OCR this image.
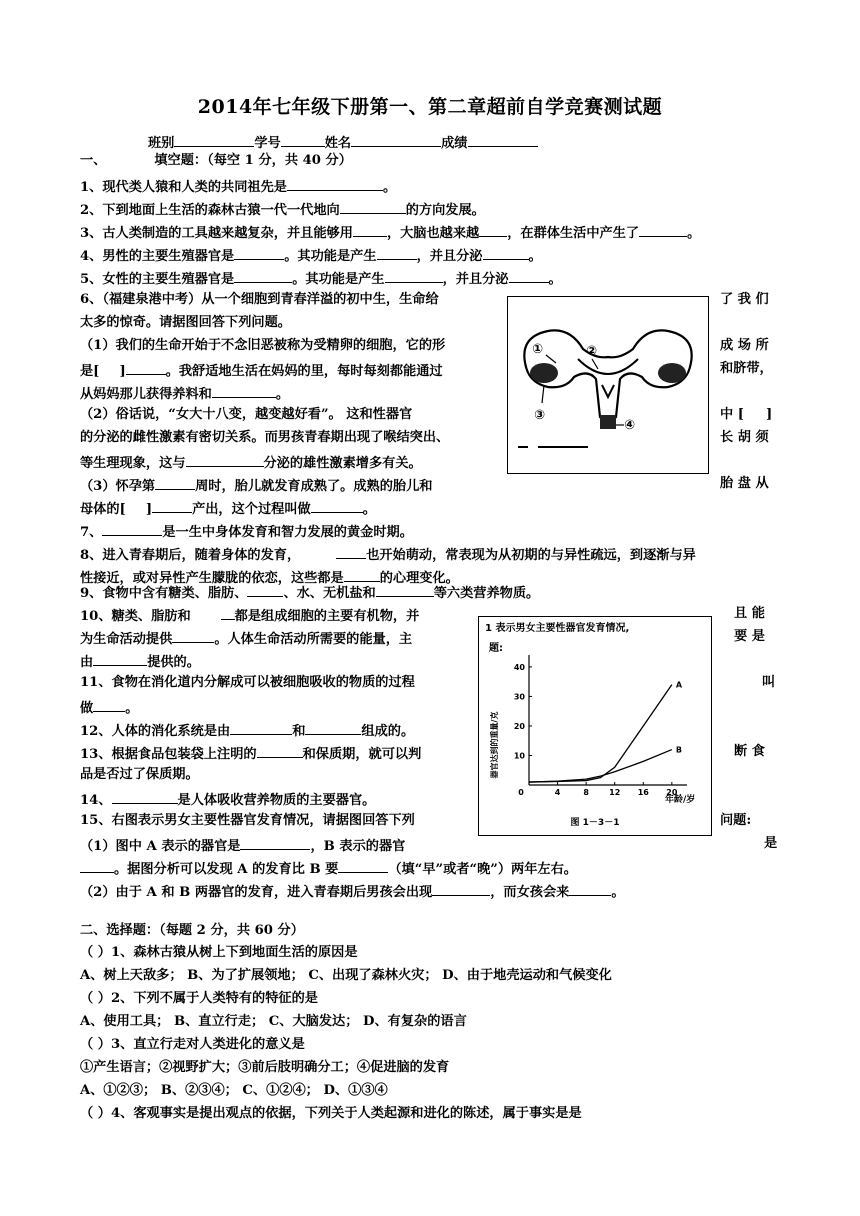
2014年七年级下册第一、第二章超前自学竞赛测试题
班别	学号	姓名	成绩
一、	填空题：（每空 1 分，共 40 分）
1、现代类人猿和人类的共同祖先是	。
2、下到地面上生活的森林古猿一代一代地向	的方向发展。
3、古人类制造的工具越来越复杂，并且能够用	，大脑也越来越 ，在群体生活中产生了	。
4、男性的主要生殖器官是	。其功能是产生	，并且分泌	。
5、女性的主要生殖器官是	。其功能是产生	，并且分泌	。
6、（福建泉港中考）从一个细胞到青春洋溢的初中生，生命给	了 我 们
太多的惊奇。请据图回答下列问题。
（1）我们的生命开始于不念旧恶被称为受精卵的细胞，它的形	成 场 所
是[ ]	。我舒适地生活在妈妈的里，每时每刻都能通过	和脐带，
从妈妈那儿获得养料和	。
（2）俗话说，“女大十八变，越变越好看”。 这和性器官	中 [ ]
的分泌的雌性激素有密切关系。而男孩青春期出现了喉结突出、	长 胡 须
等生理现象，这与	分泌的雄性激素增多有关。
（3）怀孕第	周时，胎儿就发育成熟了。成熟的胎儿和	胎 盘 从
母体的[ ]	产出，这个过程叫做	。
①	②
③
④
7、	是一生中身体发育和智力发展的黄金时期。
8、进入青春期后，随着身体的发育，	也开始萌动，常表现为从初期的与异性疏远，到逐渐与异
性接近，或对异性产生朦胧的依恋，这些都是	的心理变化。
9、食物中含有糖类、脂肪、	、水、无机盐和	等六类营养物质。
10、糖类、脂肪和	都是组成细胞的主要有机物，并	且 能
为生命活动提供	。人体生命活动所需要的能量，主	要 是
由	提供的。
11、食物在消化道内分解成可以被细胞吸收的物质的过程	叫
做 。
12、人体的消化系统是由	和	组成的。
13、根据食品包装袋上注明的	和保质期，就可以判	断 食
品是否过了保质期。
14、	是人体吸收营养物质的主要器官。
15、右图表示男女主要性器官发育情况，请据图回答下列	问题:
（1）图中 A 表示的器官是	，B 表示的器官	是
。据图分析可以发现 A 的发育比 B 要	（填“早”或者“晚”）两年左右。
（2）由于 A 和 B 两器官的发育，进入青春期后男孩会出现	，而女孩会来	。
1 表示男女主要性器官发育情况,
题:
器官达到的重量/克
年龄/岁
图 1－3－1
0	4	8	12 16 20
10
20
30
40
A
B
二、选择题：（每题 2 分，共 60 分）
（ ）1、森林古猿从树上下到地面生活的原因是
A、树上天敌多； B、为了扩展领地； C、出现了森林火灾； D、由于地壳运动和气候变化
（ ）2、下列不属于人类特有的特征的是
A、使用工具； B、直立行走； C、大脑发达； D、有复杂的语言
（ ）3、直立行走对人类进化的意义是
①产生语言；②视野扩大；③前后肢明确分工；④促进脑的发育
A、①②③； B、②③④； C、①②④； D、①③④
（ ）4、客观事实是提出观点的依据，下列关于人类起源和进化的陈述，属于事实是是
